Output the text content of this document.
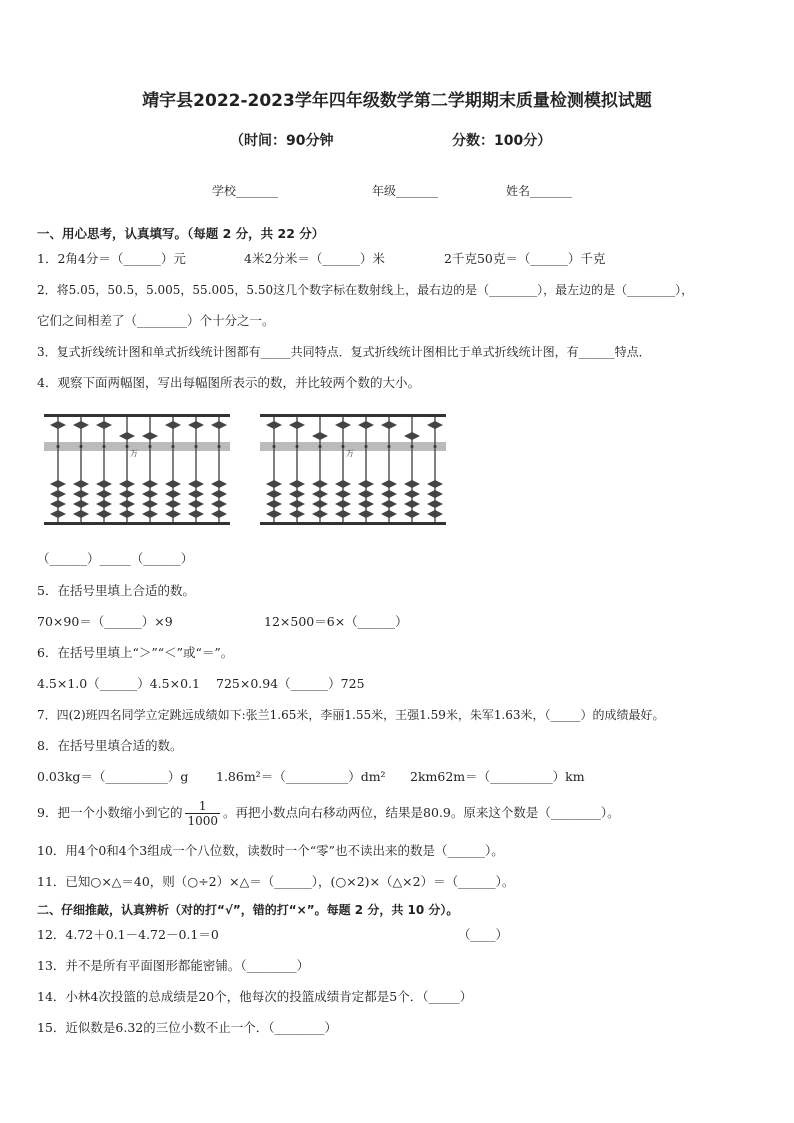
靖宇县2022-2023学年四年级数学第二学期期末质量检测模拟试题
（时间：90分钟	分数：100分）
学校_______	年级_______	姓名_______
一、用心思考，认真填写。（每题 2 分，共 22 分）
1．2角4分＝（______）元	4米2分米＝（______）米	2千克50克＝（______）千克
2．将5.05，50.5，5.005，55.005，5.50这几个数字标在数射线上，最右边的是（________），最左边的是（________），
它们之间相差了（________）个十分之一。
3．复式折线统计图和单式折线统计图都有_____共同特点．复式折线统计图相比于单式折线统计图，有______特点．
4．观察下面两幅图，写出每幅图所表示的数，并比较两个数的大小。
万	万
（______）_____（______）
5．在括号里填上合适的数。
70×90＝（______）×9	12×500＝6×（______）
6．在括号里填上“＞”“＜”或“＝”。
4.5×1.0（______）4.5×0.1 725×0.94（______）725
7．四(2)班四名同学立定跳远成绩如下:张兰1.65米，李丽1.55米，王强1.59米，朱军1.63米，（_____）的成绩最好。
8．在括号里填合适的数。
0.03kg＝（__________）g 1.86m²＝（__________）dm² 2km62m＝（__________）km
9．把一个小数缩小到它的 $\frac{1}{1000}$ 。再把小数点向右移动两位，结果是80.9。原来这个数是（________）。
10．用4个0和4个3组成一个八位数，读数时一个“零”也不读出来的数是（______）。
11．已知○×△＝40，则（○÷2）×△＝（______），(○×2)×（△×2）＝（______）。
二、仔细推敲，认真辨析（对的打“√”，错的打“×”。每题 2 分，共 10 分）。
12．4.72＋0.1－4.72－0.1＝0	（____）
13．并不是所有平面图形都能密铺。（________）
14．小林4次投篮的总成绩是20个，他每次的投篮成绩肯定都是5个．（_____）
15．近似数是6.32的三位小数不止一个．（________）
